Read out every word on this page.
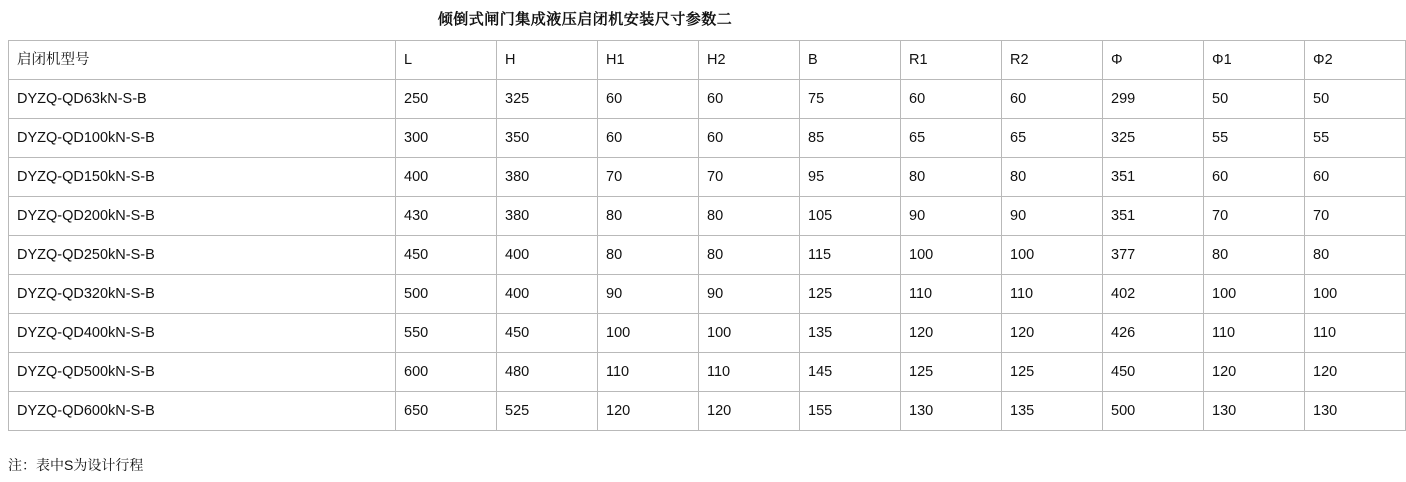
倾倒式闸门集成液压启闭机安装尺寸参数二
启闭机型号	L	H	H1	H2	B	R1	R2	Φ	Φ1	Φ2
DYZQ-QD63kN-S-B	250	325	60	60	75	60	60	299	50	50
DYZQ-QD100kN-S-B	300	350	60	60	85	65	65	325	55	55
DYZQ-QD150kN-S-B	400	380	70	70	95	80	80	351	60	60
DYZQ-QD200kN-S-B	430	380	80	80	105	90	90	351	70	70
DYZQ-QD250kN-S-B	450	400	80	80	115	100	100	377	80	80
DYZQ-QD320kN-S-B	500	400	90	90	125	110	110	402	100	100
DYZQ-QD400kN-S-B	550	450	100	100	135	120	120	426	110	110
DYZQ-QD500kN-S-B	600	480	110	110	145	125	125	450	120	120
DYZQ-QD600kN-S-B	650	525	120	120	155	130	135	500	130	130
注：表中S为设计行程
